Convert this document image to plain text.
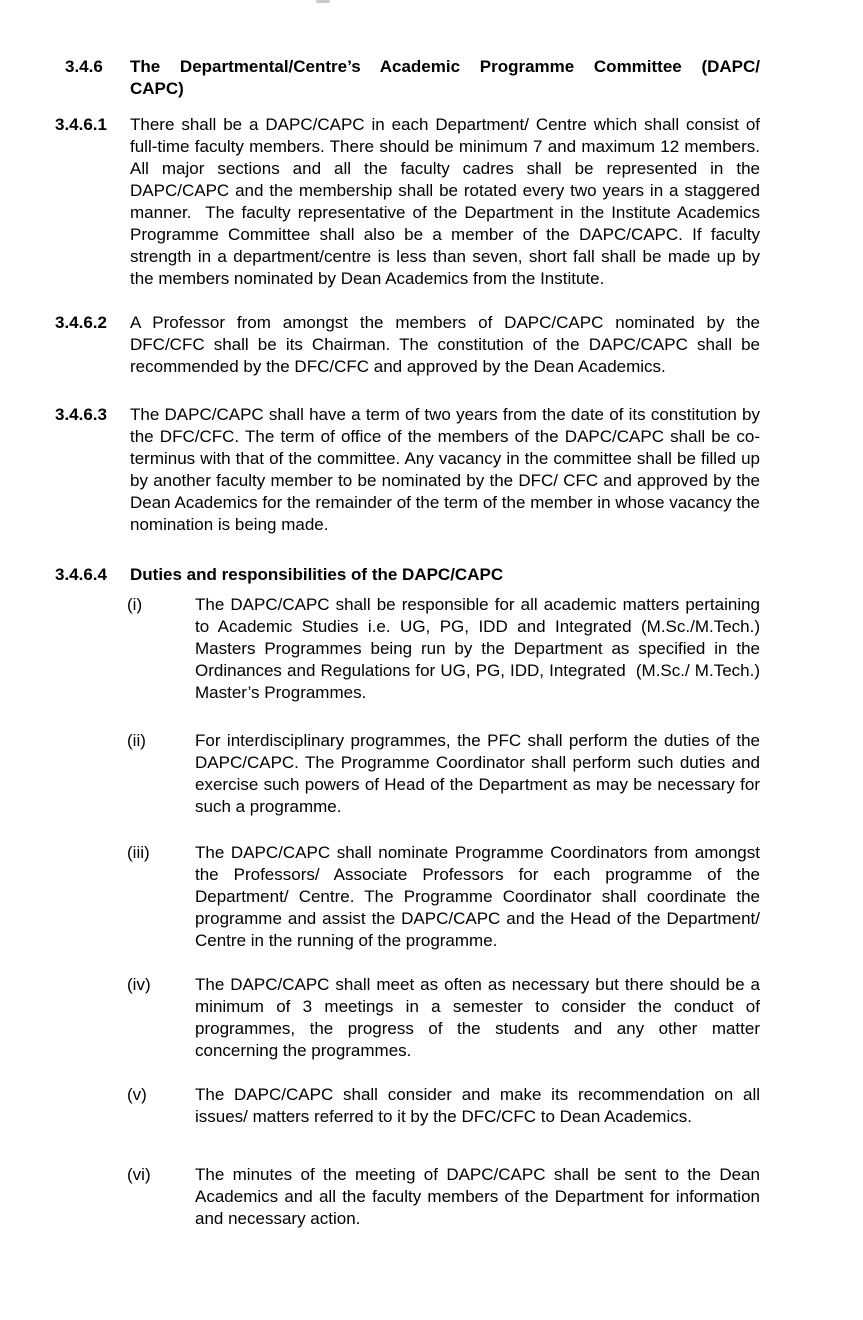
3.4.6	The Departmental/Centre’s Academic Programme Committee (DAPC/
CAPC)
3.4.6.1	There shall be a DAPC/CAPC in each Department/ Centre which shall consist of full-time faculty members. There should be minimum 7 and maximum 12 members. All major sections and all the faculty cadres shall be represented in the DAPC/CAPC and the membership shall be rotated every two years in a staggered manner.  The faculty representative of the Department in the Institute Academics Programme Committee shall also be a member of the DAPC/CAPC. If faculty strength in a department/centre is less than seven, short fall shall be made up by the members nominated by Dean Academics from the Institute.
3.4.6.2	A Professor from amongst the members of DAPC/CAPC nominated by the DFC/CFC shall be its Chairman. The constitution of the DAPC/CAPC shall be recommended by the DFC/CFC and approved by the Dean Academics.
3.4.6.3	The DAPC/CAPC shall have a term of two years from the date of its constitution by the DFC/CFC. The term of office of the members of the DAPC/CAPC shall be co-terminus with that of the committee. Any vacancy in the committee shall be filled up by another faculty member to be nominated by the DFC/ CFC and approved by the Dean Academics for the remainder of the term of the member in whose vacancy the nomination is being made.
3.4.6.4	Duties and responsibilities of the DAPC/CAPC
(i)	The DAPC/CAPC shall be responsible for all academic matters pertaining to Academic Studies i.e. UG, PG, IDD and Integrated (M.Sc./M.Tech.) Masters Programmes being run by the Department as specified in the Ordinances and Regulations for UG, PG, IDD, Integrated  (M.Sc./ M.Tech.) Master’s Programmes.
(ii)	For interdisciplinary programmes, the PFC shall perform the duties of the DAPC/CAPC. The Programme Coordinator shall perform such duties and exercise such powers of Head of the Department as may be necessary for such a programme.
(iii)	The DAPC/CAPC shall nominate Programme Coordinators from amongst the Professors/ Associate Professors for each programme of the Department/ Centre. The Programme Coordinator shall coordinate the programme and assist the DAPC/CAPC and the Head of the Department/ Centre in the running of the programme.
(iv)	The DAPC/CAPC shall meet as often as necessary but there should be a minimum of 3 meetings in a semester to consider the conduct of programmes, the progress of the students and any other matter concerning the programmes.
(v)	The DAPC/CAPC shall consider and make its recommendation on all issues/ matters referred to it by the DFC/CFC to Dean Academics.
(vi)	The minutes of the meeting of DAPC/CAPC shall be sent to the Dean Academics and all the faculty members of the Department for information and necessary action.
